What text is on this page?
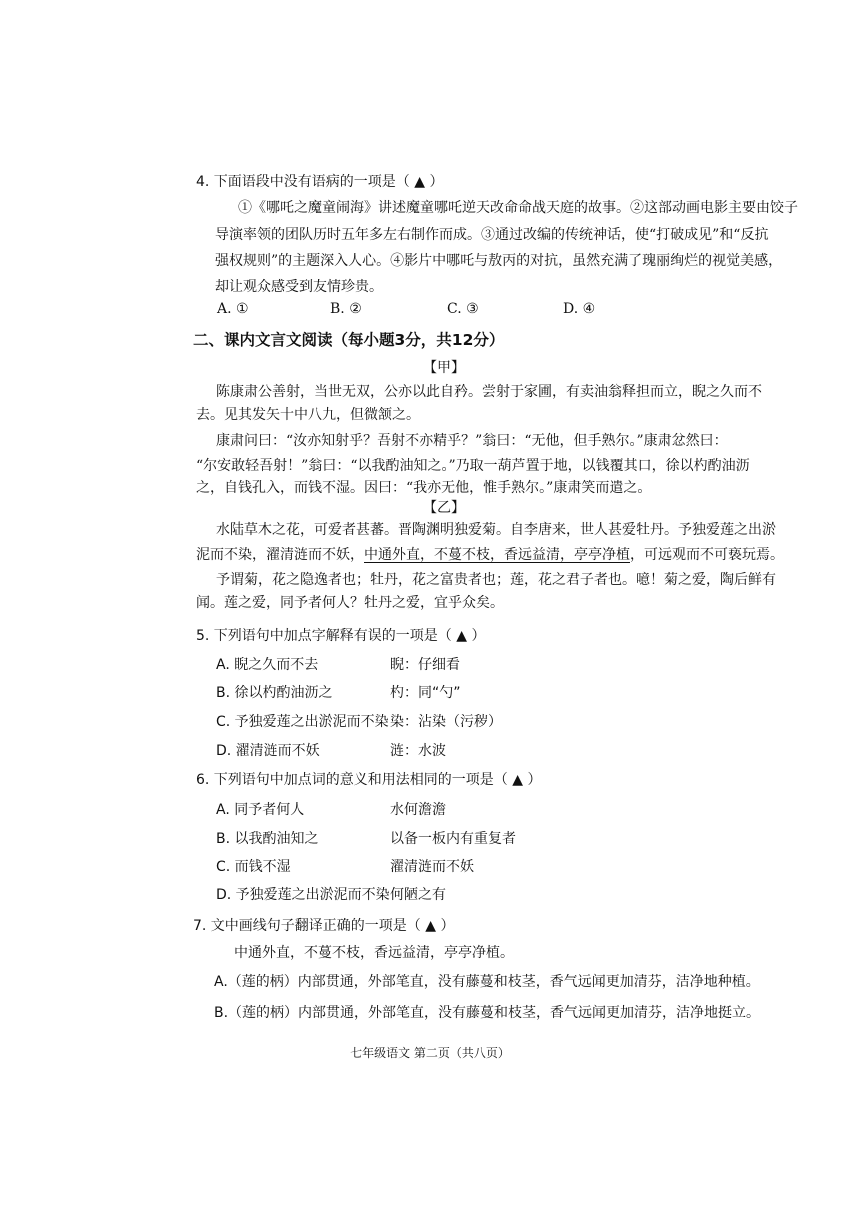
4. 下面语段中没有语病的一项是（ ▲ ）
①《哪吒之魔童闹海》讲述魔童哪吒逆天改命命战天庭的故事。②这部动画电影主要由饺子
导演率领的团队历时五年多左右制作而成。③通过改编的传统神话，使“打破成见”和“反抗
强权规则”的主题深入人心。④影片中哪吒与敖丙的对抗，虽然充满了瑰丽绚烂的视觉美感，
却让观众感受到友情珍贵。
A. ①	B. ②	C. ③	D. ④
二、课内文言文阅读（每小题3分，共12分）
【甲】
陈康肃公善射，当世无双，公亦以此自矜。尝射于家圃，有卖油翁释担而立，睨之久而不
去。见其发矢十中八九，但微颔之。
康肃问曰：“汝亦知射乎？吾射不亦精乎？”翁曰：“无他，但手熟尔。”康肃忿然曰：
“尔安敢轻吾射！”翁曰：“以我酌油知之。”乃取一葫芦置于地，以钱覆其口，徐以杓酌油沥
之，自钱孔入，而钱不湿。因曰：“我亦无他，惟手熟尔。”康肃笑而遣之。
【乙】
水陆草木之花，可爱者甚蕃。晋陶渊明独爱菊。自李唐来，世人甚爱牡丹。予独爱莲之出淤
泥而不染，濯清涟而不妖，中通外直，不蔓不枝，香远益清，亭亭净植，可远观而不可亵玩焉。
予谓菊，花之隐逸者也；牡丹，花之富贵者也；莲，花之君子者也。噫！菊之爱，陶后鲜有
闻。莲之爱，同予者何人？牡丹之爱，宜乎众矣。
5. 下列语句中加点字解释有误的一项是（ ▲ ）
A. 睨之久而不去	睨：仔细看
B. 徐以杓酌油沥之	杓：同“勺”
C. 予独爱莲之出淤泥而不染 染：沾染（污秽）
D. 濯清涟而不妖	涟：水波
6. 下列语句中加点词的意义和用法相同的一项是（ ▲ ）
A. 同予者何人	水何澹澹
B. 以我酌油知之	以备一板内有重复者
C. 而钱不湿	濯清涟而不妖
D. 予独爱莲之出淤泥而不染 何陋之有
7. 文中画线句子翻译正确的一项是（ ▲ ）
中通外直，不蔓不枝，香远益清，亭亭净植。
A.（莲的柄）内部贯通，外部笔直，没有藤蔓和枝茎，香气远闻更加清芬，洁净地种植。
B.（莲的柄）内部贯通，外部笔直，没有藤蔓和枝茎，香气远闻更加清芬，洁净地挺立。
七年级语文 第二页（共八页）
